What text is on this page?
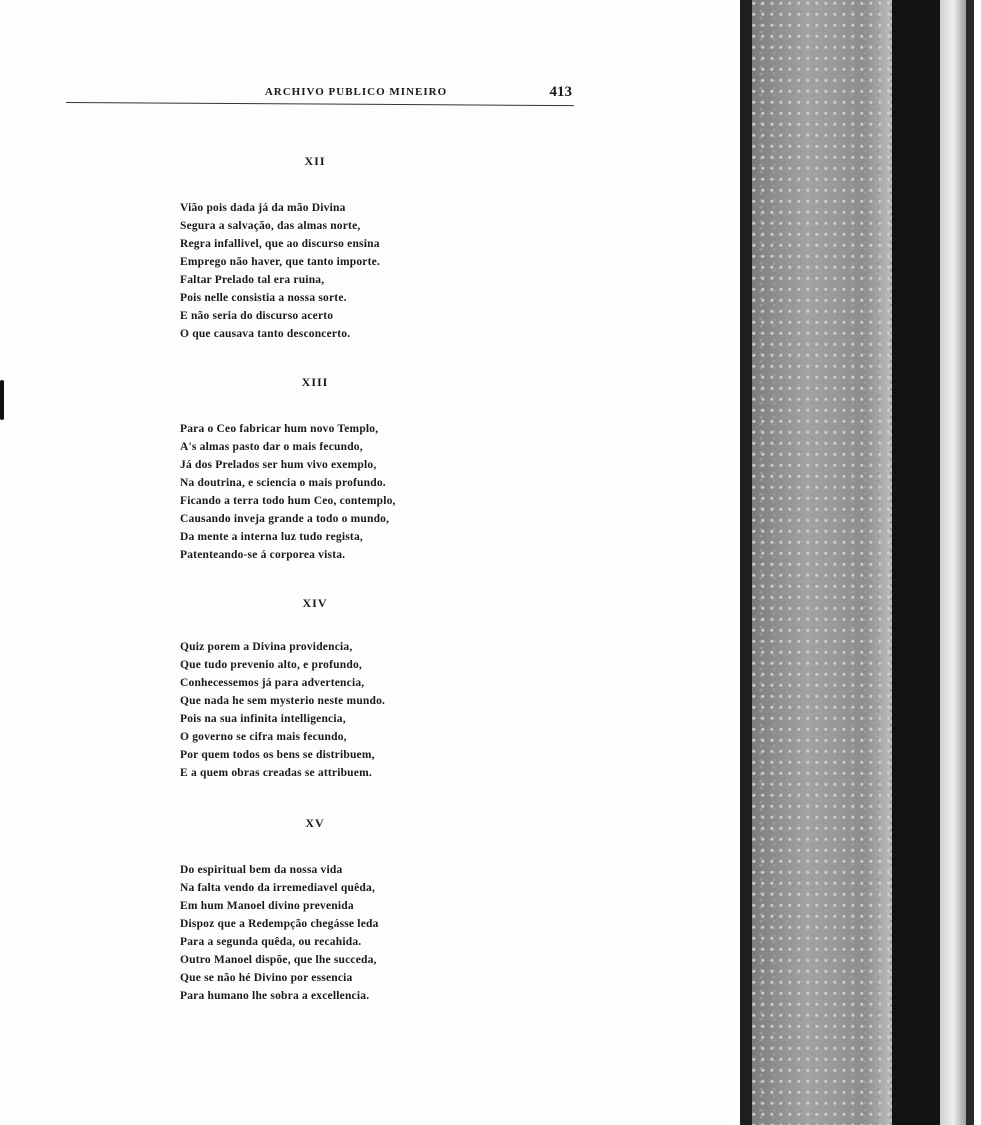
ARCHIVO PUBLICO MINEIRO	413
XII
Vião pois dada já da mão Divina
Segura a salvação, das almas norte,
Regra infallivel, que ao discurso ensina
Emprego não haver, que tanto importe.
Faltar Prelado tal era ruina,
Pois nelle consistia a nossa sorte.
E não seria do discurso acerto
O que causava tanto desconcerto.
XIII
Para o Ceo fabricar hum novo Templo,
A's almas pasto dar o mais fecundo,
Já dos Prelados ser hum vivo exemplo,
Na doutrina, e sciencia o mais profundo.
Ficando a terra todo hum Ceo, contemplo,
Causando inveja grande a todo o mundo,
Da mente a interna luz tudo regista,
Patenteando-se á corporea vista.
XIV
Quiz porem a Divina providencia,
Que tudo prevenio alto, e profundo,
Conhecessemos já para advertencia,
Que nada he sem mysterio neste mundo.
Pois na sua infinita intelligencia,
O governo se cifra mais fecundo,
Por quem todos os bens se distribuem,
E a quem obras creadas se attribuem.
XV
Do espiritual bem da nossa vida
Na falta vendo da irremediavel quêda,
Em hum Manoel divino prevenida
Dispoz que a Redempção chegásse leda
Para a segunda quêda, ou recahida.
Outro Manoel dispõe, que lhe succeda,
Que se não hé Divino por essencia
Para humano lhe sobra a excellencia.
